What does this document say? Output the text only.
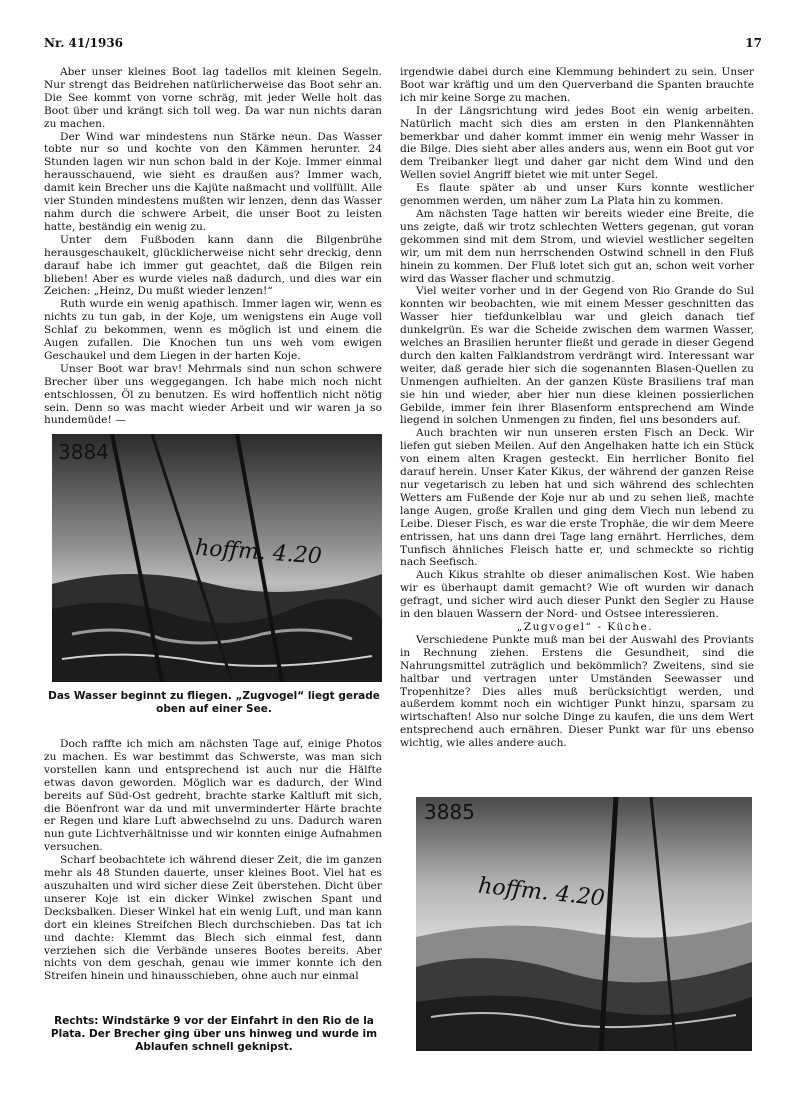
Nr. 41/1936	17

Aber unser kleines Boot lag tadellos mit kleinen Segeln. Nur strengt das Beidrehen natürlicherweise das Boot sehr an. Die See kommt von vorne schräg, mit jeder Welle holt das Boot über und krängt sich toll weg. Da war nun nichts daran zu machen.

Der Wind war mindestens nun Stärke neun. Das Wasser tobte nur so und kochte von den Kämmen herunter. 24 Stunden lagen wir nun schon bald in der Koje. Immer einmal herausschauend, wie sieht es draußen aus? Immer wach, damit kein Brecher uns die Kajüte naßmacht und vollfüllt. Alle vier Stunden mindestens mußten wir lenzen, denn das Wasser nahm durch die schwere Arbeit, die unser Boot zu leisten hatte, beständig ein wenig zu.

Unter dem Fußboden kann dann die Bilgenbrühe herausgeschaukelt, glücklicherweise nicht sehr dreckig, denn darauf habe ich immer gut geachtet, daß die Bilgen rein blieben! Aber es wurde vieles naß dadurch, und dies war ein Zeichen: „Heinz, Du mußt wieder lenzen!“

Ruth wurde ein wenig apathisch. Immer lagen wir, wenn es nichts zu tun gab, in der Koje, um wenigstens ein Auge voll Schlaf zu bekommen, wenn es möglich ist und einem die Augen zufallen. Die Knochen tun uns weh vom ewigen Geschaukel und dem Liegen in der harten Koje.

Unser Boot war brav! Mehrmals sind nun schon schwere Brecher über uns weggegangen. Ich habe mich noch nicht entschlossen, Öl zu benutzen. Es wird hoffentlich nicht nötig sein. Denn so was macht wieder Arbeit und wir waren ja so hundemüde! —

3884
hoffm. 4.20
Das Wasser beginnt zu fliegen. „Zugvogel“ liegt gerade oben auf einer See.

Doch raffte ich mich am nächsten Tage auf, einige Photos zu machen. Es war bestimmt das Schwerste, was man sich vorstellen kann und entsprechend ist auch nur die Hälfte etwas davon geworden. Möglich war es dadurch, der Wind bereits auf Süd-Ost gedreht, brachte starke Kaltluft mit sich, die Böenfront war da und mit unverminderter Härte brachte er Regen und klare Luft abwechselnd zu uns. Dadurch waren nun gute Lichtverhältnisse und wir konnten einige Aufnahmen versuchen.

Scharf beobachtete ich während dieser Zeit, die im ganzen mehr als 48 Stunden dauerte, unser kleines Boot. Viel hat es auszuhalten und wird sicher diese Zeit überstehen. Dicht über unserer Koje ist ein dicker Winkel zwischen Spant und Decksbalken. Dieser Winkel hat ein wenig Luft, und man kann dort ein kleines Streifchen Blech durchschieben. Das tat ich und dachte: Klemmt das Blech sich einmal fest, dann verziehen sich die Verbände unseres Bootes bereits. Aber nichts von dem geschah, genau wie immer konnte ich den Streifen hinein und hinausschieben, ohne auch nur einmal

Rechts: Windstärke 9 vor der Einfahrt in den Rio de la Plata. Der Brecher ging über uns hinweg und wurde im Ablaufen schnell geknipst.

irgendwie dabei durch eine Klemmung behindert zu sein. Unser Boot war kräftig und um den Querverband die Spanten brauchte ich mir keine Sorge zu machen.

In der Längsrichtung wird jedes Boot ein wenig arbeiten. Natürlich macht sich dies am ersten in den Plankennähten bemerkbar und daher kommt immer ein wenig mehr Wasser in die Bilge. Dies sieht aber alles anders aus, wenn ein Boot gut vor dem Treibanker liegt und daher gar nicht dem Wind und den Wellen soviel Angriff bietet wie mit unter Segel.

Es flaute später ab und unser Kurs konnte westlicher genommen werden, um näher zum La Plata hin zu kommen.

Am nächsten Tage hatten wir bereits wieder eine Breite, die uns zeigte, daß wir trotz schlechten Wetters gegenan, gut voran gekommen sind mit dem Strom, und wieviel westlicher segelten wir, um mit dem nun herrschenden Ostwind schnell in den Fluß hinein zu kommen. Der Fluß lotet sich gut an, schon weit vorher wird das Wasser flacher und schmutzig.

Viel weiter vorher und in der Gegend von Rio Grande do Sul konnten wir beobachten, wie mit einem Messer geschnitten das Wasser hier tiefdunkelblau war und gleich danach tief dunkelgrün. Es war die Scheide zwischen dem warmen Wasser, welches an Brasilien herunter fließt und gerade in dieser Gegend durch den kalten Falklandstrom verdrängt wird. Interessant war weiter, daß gerade hier sich die sogenannten Blasen-Quellen zu Unmengen aufhielten. An der ganzen Küste Brasiliens traf man sie hin und wieder, aber hier nun diese kleinen possierlichen Gebilde, immer fein ihrer Blasenform entsprechend am Winde liegend in solchen Unmengen zu finden, fiel uns besonders auf.

Auch brachten wir nun unseren ersten Fisch an Deck. Wir liefen gut sieben Meilen. Auf den Angelhaken hatte ich ein Stück von einem alten Kragen gesteckt. Ein herrlicher Bonito fiel darauf herein. Unser Kater Kikus, der während der ganzen Reise nur vegetarisch zu leben hat und sich während des schlechten Wetters am Fußende der Koje nur ab und zu sehen ließ, machte lange Augen, große Krallen und ging dem Viech nun lebend zu Leibe. Dieser Fisch, es war die erste Trophäe, die wir dem Meere entrissen, hat uns dann drei Tage lang ernährt. Herrliches, dem Tunfisch ähnliches Fleisch hatte er, und schmeckte so richtig nach Seefisch.

Auch Kikus strahlte ob dieser animalischen Kost. Wie haben wir es überhaupt damit gemacht? Wie oft wurden wir danach gefragt, und sicher wird auch dieser Punkt den Segler zu Hause in den blauen Wassern der Nord- und Ostsee interessieren.

„Zugvogel“ - Küche.

Verschiedene Punkte muß man bei der Auswahl des Proviants in Rechnung ziehen. Erstens die Gesundheit, sind die Nahrungsmittel zuträglich und bekömmlich? Zweitens, sind sie haltbar und vertragen unter Umständen Seewasser und Tropenhitze? Dies alles muß berücksichtigt werden, und außerdem kommt noch ein wichtiger Punkt hinzu, sparsam zu wirtschaften! Also nur solche Dinge zu kaufen, die uns dem Wert entsprechend auch ernähren. Dieser Punkt war für uns ebenso wichtig, wie alles andere auch.

3885
hoffm. 4.20
